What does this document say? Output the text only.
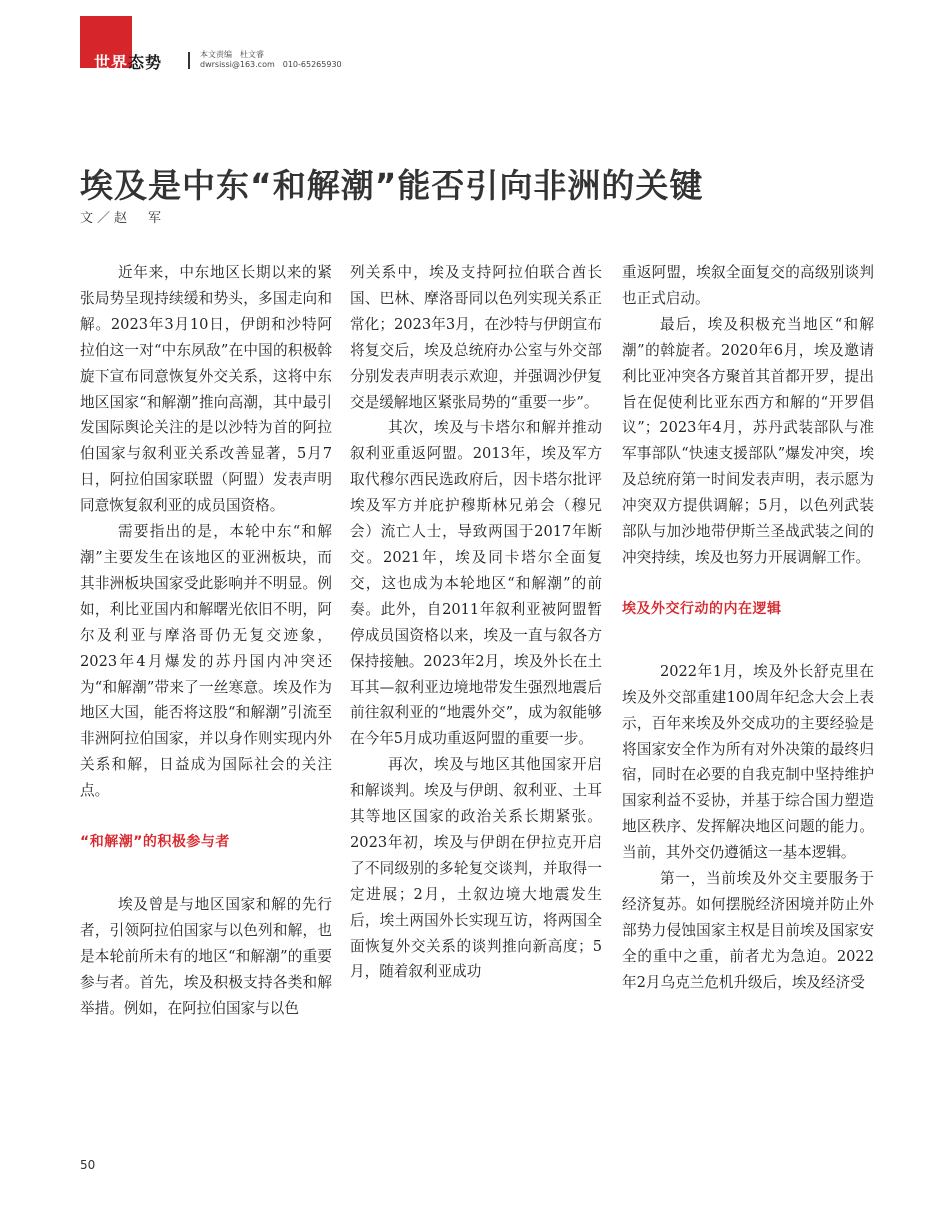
世界态势	本文责编　杜文睿
dwrsissi@163.com　010-65265930
埃及是中东“和解潮”能否引向非洲的关键
文／赵　军

近年来，中东地区长期以来的紧张局势呈现持续缓和势头，多国走向和解。2023年3月10日，伊朗和沙特阿拉伯这一对“中东夙敌”在中国的积极斡旋下宣布同意恢复外交关系，这将中东地区国家“和解潮”推向高潮，其中最引发国际舆论关注的是以沙特为首的阿拉伯国家与叙利亚关系改善显著，5月7日，阿拉伯国家联盟（阿盟）发表声明同意恢复叙利亚的成员国资格。

需要指出的是，本轮中东“和解潮”主要发生在该地区的亚洲板块，而其非洲板块国家受此影响并不明显。例如，利比亚国内和解曙光依旧不明，阿尔及利亚与摩洛哥仍无复交迹象，2023年4月爆发的苏丹国内冲突还为“和解潮”带来了一丝寒意。埃及作为地区大国，能否将这股“和解潮”引流至非洲阿拉伯国家，并以身作则实现内外关系和解，日益成为国际社会的关注点。

“和解潮”的积极参与者

埃及曾是与地区国家和解的先行者，引领阿拉伯国家与以色列和解，也是本轮前所未有的地区“和解潮”的重要参与者。首先，埃及积极支持各类和解举措。例如，在阿拉伯国家与以色

列关系中，埃及支持阿拉伯联合酋长国、巴林、摩洛哥同以色列实现关系正常化；2023年3月，在沙特与伊朗宣布将复交后，埃及总统府办公室与外交部分别发表声明表示欢迎，并强调沙伊复交是缓解地区紧张局势的“重要一步”。

其次，埃及与卡塔尔和解并推动叙利亚重返阿盟。2013年，埃及军方取代穆尔西民选政府后，因卡塔尔批评埃及军方并庇护穆斯林兄弟会（穆兄会）流亡人士，导致两国于2017年断交。2021年，埃及同卡塔尔全面复交，这也成为本轮地区“和解潮”的前奏。此外，自2011年叙利亚被阿盟暂停成员国资格以来，埃及一直与叙各方保持接触。2023年2月，埃及外长在土耳其—叙利亚边境地带发生强烈地震后前往叙利亚的“地震外交”，成为叙能够在今年5月成功重返阿盟的重要一步。

再次，埃及与地区其他国家开启和解谈判。埃及与伊朗、叙利亚、土耳其等地区国家的政治关系长期紧张。2023年初，埃及与伊朗在伊拉克开启了不同级别的多轮复交谈判，并取得一定进展；2月，土叙边境大地震发生后，埃土两国外长实现互访，将两国全面恢复外交关系的谈判推向新高度；5月，随着叙利亚成功

重返阿盟，埃叙全面复交的高级别谈判也正式启动。

最后，埃及积极充当地区“和解潮”的斡旋者。2020年6月，埃及邀请利比亚冲突各方聚首其首都开罗，提出旨在促使利比亚东西方和解的“开罗倡议”；2023年4月，苏丹武装部队与准军事部队“快速支援部队”爆发冲突，埃及总统府第一时间发表声明，表示愿为冲突双方提供调解；5月，以色列武装部队与加沙地带伊斯兰圣战武装之间的冲突持续，埃及也努力开展调解工作。

埃及外交行动的内在逻辑

2022年1月，埃及外长舒克里在埃及外交部重建100周年纪念大会上表示，百年来埃及外交成功的主要经验是将国家安全作为所有对外决策的最终归宿，同时在必要的自我克制中坚持维护国家利益不妥协，并基于综合国力塑造地区秩序、发挥解决地区问题的能力。当前，其外交仍遵循这一基本逻辑。

第一，当前埃及外交主要服务于经济复苏。如何摆脱经济困境并防止外部势力侵蚀国家主权是目前埃及国家安全的重中之重，前者尤为急迫。2022年2月乌克兰危机升级后，埃及经济受

50
